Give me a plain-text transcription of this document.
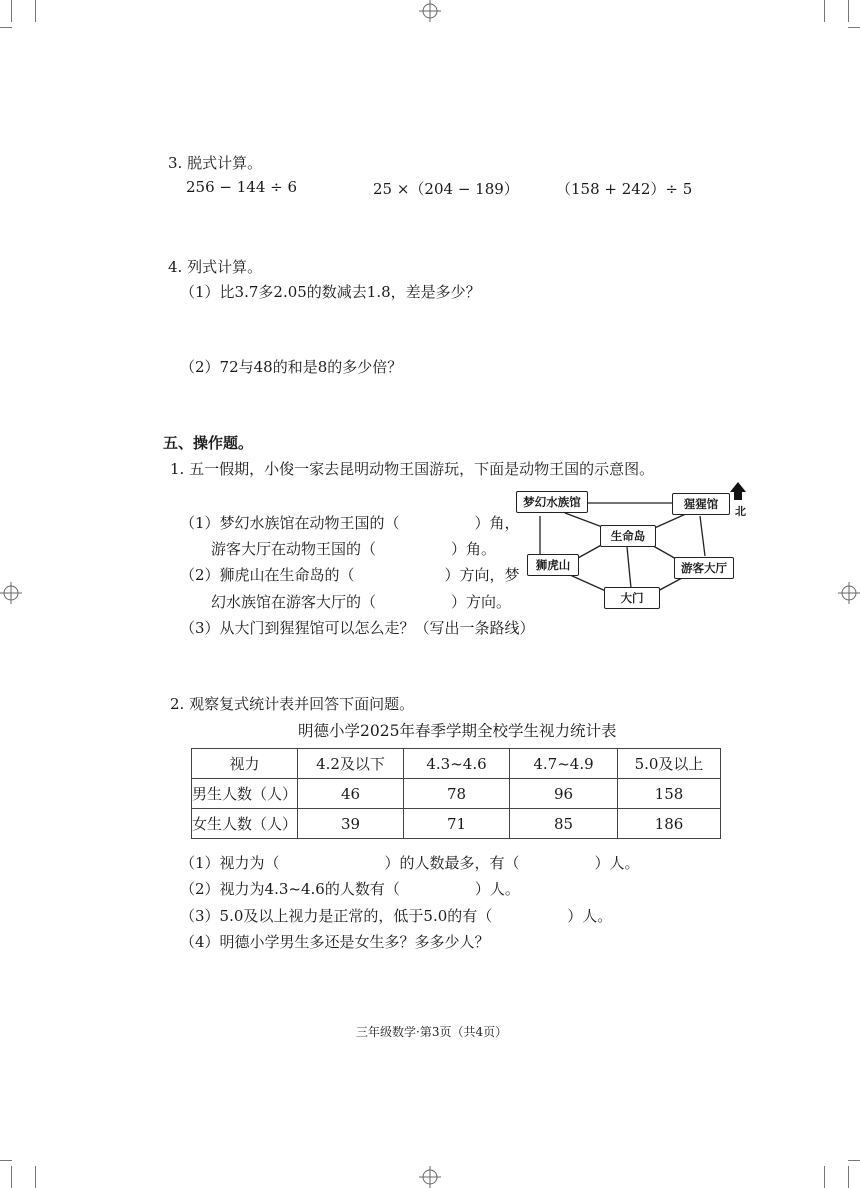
3. 脱式计算。
256 − 144 ÷ 6	25 ×（204 − 189） （158 + 242）÷ 5
4. 列式计算。
（1）比3.7多2.05的数减去1.8，差是多少？
（2）72与48的和是8的多少倍？
五、操作题。
1. 五一假期，小俊一家去昆明动物王国游玩，下面是动物王国的示意图。
（1）梦幻水族馆在动物王国的（　　　　　）角，
游客大厅在动物王国的（　　　　　）角。
（2）狮虎山在生命岛的（　　　　　　）方向，梦
幻水族馆在游客大厅的（　　　　　）方向。
（3）从大门到猩猩馆可以怎么走？（写出一条路线）
梦幻水族馆	猩猩馆
生命岛
狮虎山	游客大厅
大门
北
2. 观察复式统计表并回答下面问题。
明德小学2025年春季学期全校学生视力统计表
视力	4.2及以下	4.3~4.6	4.7~4.9	5.0及以上
男生人数（人）	46	78	96	158
女生人数（人）	39	71	85	186
（1）视力为（　　　　　　　）的人数最多，有（　　　　　）人。
（2）视力为4.3~4.6的人数有（　　　　　）人。
（3）5.0及以上视力是正常的，低于5.0的有（　　　　　）人。
（4）明德小学男生多还是女生多？多多少人？
三年级数学·第3页（共4页）
